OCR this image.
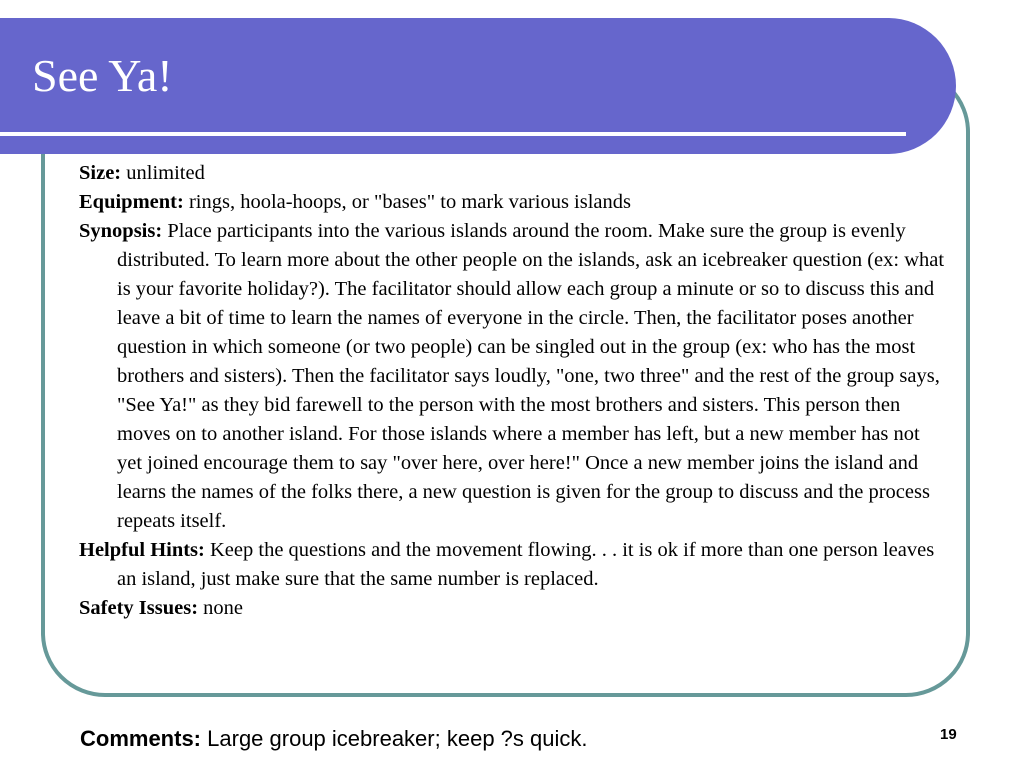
See Ya!

Size: unlimited

Equipment: rings, hoola-hoops, or "bases" to mark various islands

Synopsis: Place participants into the various islands around the room. Make sure the group is evenly distributed. To learn more about the other people on the islands, ask an icebreaker question (ex: what is your favorite holiday?). The facilitator should allow each group a minute or so to discuss this and leave a bit of time to learn the names of everyone in the circle. Then, the facilitator poses another question in which someone (or two people) can be singled out in the group (ex: who has the most brothers and sisters). Then the facilitator says loudly, "one, two three" and the rest of the group says, "See Ya!" as they bid farewell to the person with the most brothers and sisters. This person then moves on to another island. For those islands where a member has left, but a new member has not yet joined encourage them to say "over here, over here!" Once a new member joins the island and learns the names of the folks there, a new question is given for the group to discuss and the process repeats itself.

Helpful Hints: Keep the questions and the movement flowing. . . it is ok if more than one person leaves an island, just make sure that the same number is replaced.

Safety Issues: none

Comments: Large group icebreaker; keep ?s quick.	19
